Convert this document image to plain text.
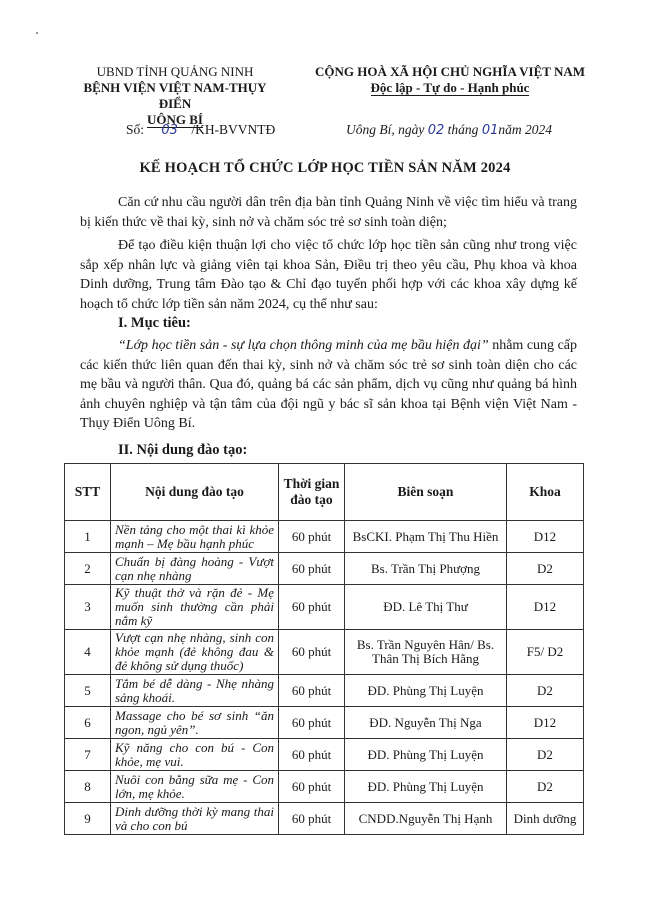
UBND TỈNH QUẢNG NINH
BỆNH VIỆN VIỆT NAM-THỤY ĐIỂN
UÔNG BÍ
CỘNG HOÀ XÃ HỘI CHỦ NGHĨA VIỆT NAM
Độc lập - Tự do - Hạnh phúc
Số: 03 /KH-BVVNTĐ	Uông Bí, ngày 02 tháng 01năm 2024
KẾ HOẠCH TỔ CHỨC LỚP HỌC TIỀN SẢN NĂM 2024
Căn cứ nhu cầu người dân trên địa bàn tỉnh Quảng Ninh về việc tìm hiểu và trang bị kiến thức về thai kỳ, sinh nở và chăm sóc trẻ sơ sinh toàn diện;
Để tạo điều kiện thuận lợi cho việc tổ chức lớp học tiền sản cũng như trong việc sắp xếp nhân lực và giảng viên tại khoa Sản, Điều trị theo yêu cầu, Phụ khoa và khoa Dinh dưỡng, Trung tâm Đào tạo & Chỉ đạo tuyến phối hợp với các khoa xây dựng kế hoạch tổ chức lớp tiền sản năm 2024, cụ thể như sau:
I. Mục tiêu:
“Lớp học tiền sản - sự lựa chọn thông minh của mẹ bầu hiện đại” nhằm cung cấp các kiến thức liên quan đến thai kỳ, sinh nở và chăm sóc trẻ sơ sinh toàn diện cho các mẹ bầu và người thân. Qua đó, quảng bá các sản phẩm, dịch vụ cũng như quảng bá hình ảnh chuyên nghiệp và tận tâm của đội ngũ y bác sĩ sản khoa tại Bệnh viện Việt Nam - Thụy Điển Uông Bí.
II. Nội dung đào tạo:
STT	Nội dung đào tạo	Thời gian đào tạo	Biên soạn	Khoa
1	Nền tảng cho một thai kì khỏe mạnh – Mẹ bầu hạnh phúc	60 phút	BsCKI. Phạm Thị Thu Hiền	D12
2	Chuẩn bị đàng hoàng - Vượt cạn nhẹ nhàng	60 phút	Bs. Trần Thị Phượng	D2
3	Kỹ thuật thở và rặn đẻ - Mẹ muốn sinh thường cần phải nắm kỹ	60 phút	ĐD. Lê Thị Thư	D12
4	Vượt cạn nhẹ nhàng, sinh con khỏe mạnh (đẻ không đau & đẻ không sử dụng thuốc)	60 phút	Bs. Trần Nguyên Hân/ Bs. Thân Thị Bích Hằng	F5/ D2
5	Tắm bé dễ dàng - Nhẹ nhàng sảng khoái.	60 phút	ĐD. Phùng Thị Luyện	D2
6	Massage cho bé sơ sinh “ăn ngon, ngủ yên”.	60 phút	ĐD. Nguyễn Thị Nga	D12
7	Kỹ năng cho con bú - Con khỏe, mẹ vui.	60 phút	ĐD. Phùng Thị Luyện	D2
8	Nuôi con bằng sữa mẹ - Con lớn, mẹ khỏe.	60 phút	ĐD. Phùng Thị Luyện	D2
9	Dinh dưỡng thời kỳ mang thai và cho con bú	60 phút	CNDD.Nguyễn Thị Hạnh	Dinh dưỡng
